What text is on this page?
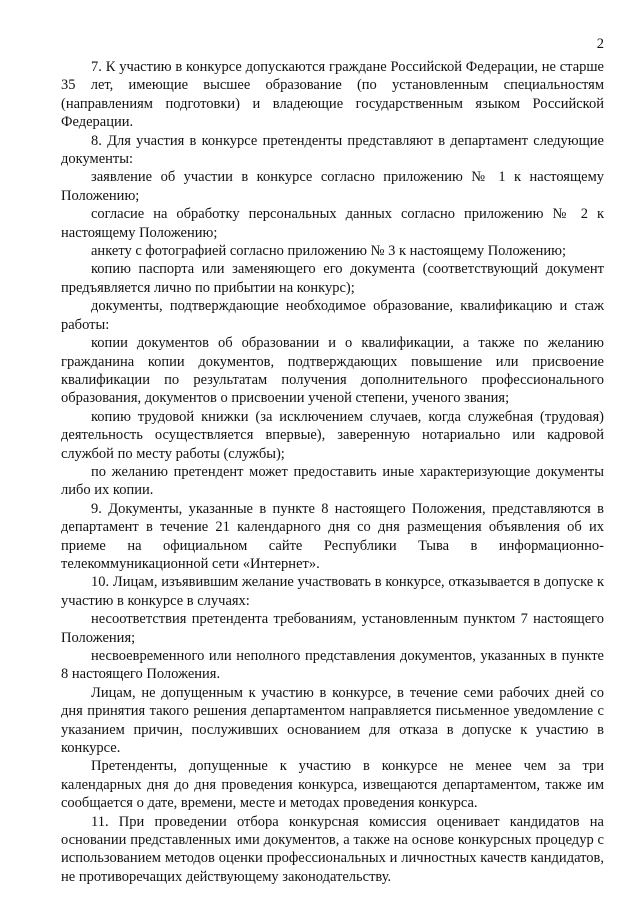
2

7. К участию в конкурсе допускаются граждане Российской Федерации, не старше 35 лет, имеющие высшее образование (по установленным специальностям (направлениям подготовки) и владеющие государственным языком Российской Федерации.

8. Для участия в конкурсе претенденты представляют в департамент следующие документы:

заявление об участии в конкурсе согласно приложению № 1 к настоящему Положению;

согласие на обработку персональных данных согласно приложению № 2 к настоящему Положению;

анкету с фотографией согласно приложению № 3 к настоящему Положению;

копию паспорта или заменяющего его документа (соответствующий документ предъявляется лично по прибытии на конкурс);

документы, подтверждающие необходимое образование, квалификацию и стаж работы:

копии документов об образовании и о квалификации, а также по желанию гражданина копии документов, подтверждающих повышение или присвоение квалификации по результатам получения дополнительного профессионального образования, документов о присвоении ученой степени, ученого звания;

копию трудовой книжки (за исключением случаев, когда служебная (трудовая) деятельность осуществляется впервые), заверенную нотариально или кадровой службой по месту работы (службы);

по желанию претендент может предоставить иные характеризующие документы либо их копии.

9. Документы, указанные в пункте 8 настоящего Положения, представляются в департамент в течение 21 календарного дня со дня размещения объявления об их приеме на официальном сайте Республики Тыва в информационно-телекоммуникационной сети «Интернет».

10. Лицам, изъявившим желание участвовать в конкурсе, отказывается в допуске к участию в конкурсе в случаях:

несоответствия претендента требованиям, установленным пунктом 7 настоящего Положения;

несвоевременного или неполного представления документов, указанных в пункте 8 настоящего Положения.

Лицам, не допущенным к участию в конкурсе, в течение семи рабочих дней со дня принятия такого решения департаментом направляется письменное уведомление с указанием причин, послуживших основанием для отказа в допуске к участию в конкурсе.

Претенденты, допущенные к участию в конкурсе не менее чем за три календарных дня до дня проведения конкурса, извещаются департаментом, также им сообщается о дате, времени, месте и методах проведения конкурса.

11. При проведении отбора конкурсная комиссия оценивает кандидатов на основании представленных ими документов, а также на основе конкурсных процедур с использованием методов оценки профессиональных и личностных качеств кандидатов, не противоречащих действующему законодательству.
